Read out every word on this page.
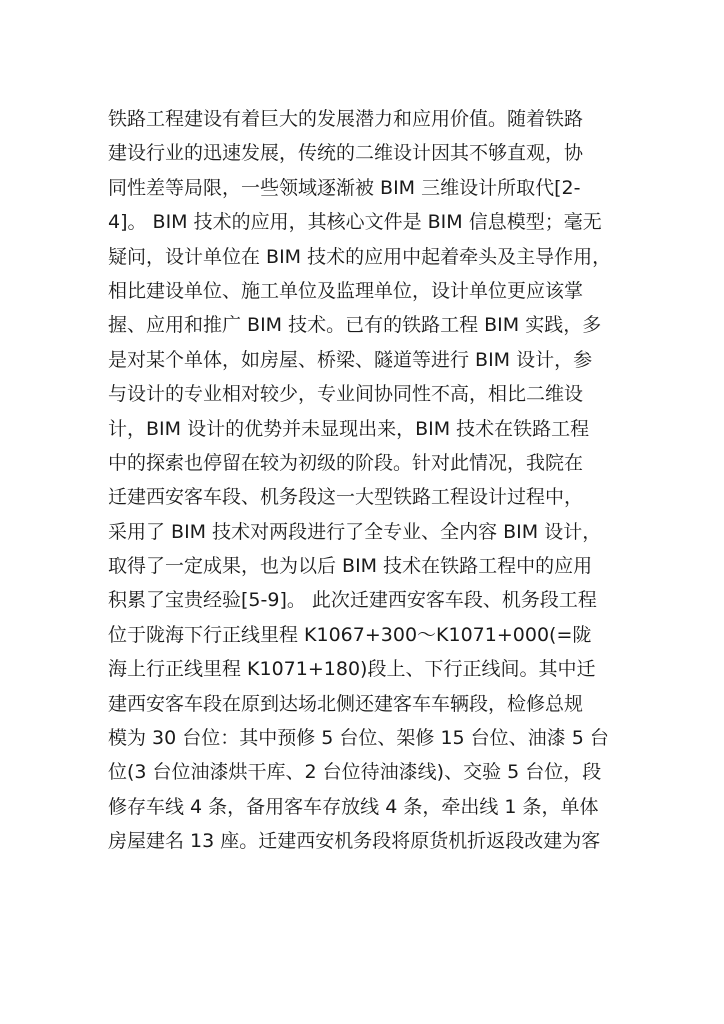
铁路工程建设有着巨大的发展潜力和应用价值。随着铁路
建设行业的迅速发展，传统的二维设计因其不够直观，协
同性差等局限，一些领域逐渐被 BIM 三维设计所取代[2-
4]。 BIM 技术的应用，其核心文件是 BIM 信息模型；毫无
疑问，设计单位在 BIM 技术的应用中起着牵头及主导作用，
相比建设单位、施工单位及监理单位，设计单位更应该掌
握、应用和推广 BIM 技术。已有的铁路工程 BIM 实践，多
是对某个单体，如房屋、桥梁、隧道等进行 BIM 设计，参
与设计的专业相对较少，专业间协同性不高，相比二维设
计，BIM 设计的优势并未显现出来，BIM 技术在铁路工程
中的探索也停留在较为初级的阶段。针对此情况，我院在
迁建西安客车段、机务段这一大型铁路工程设计过程中，
采用了 BIM 技术对两段进行了全专业、全内容 BIM 设计，
取得了一定成果，也为以后 BIM 技术在铁路工程中的应用
积累了宝贵经验[5-9]。 此次迁建西安客车段、机务段工程
位于陇海下行正线里程 K1067+300～K1071+000(=陇
海上行正线里程 K1071+180)段上、下行正线间。其中迁
建西安客车段在原到达场北侧还建客车车辆段，检修总规
模为 30 台位：其中预修 5 台位、架修 15 台位、油漆 5 台
位(3 台位油漆烘干库、2 台位待油漆线)、交验 5 台位，段
修存车线 4 条，备用客车存放线 4 条，牵出线 1 条，单体
房屋建名 13 座。迁建西安机务段将原货机折返段改建为客
